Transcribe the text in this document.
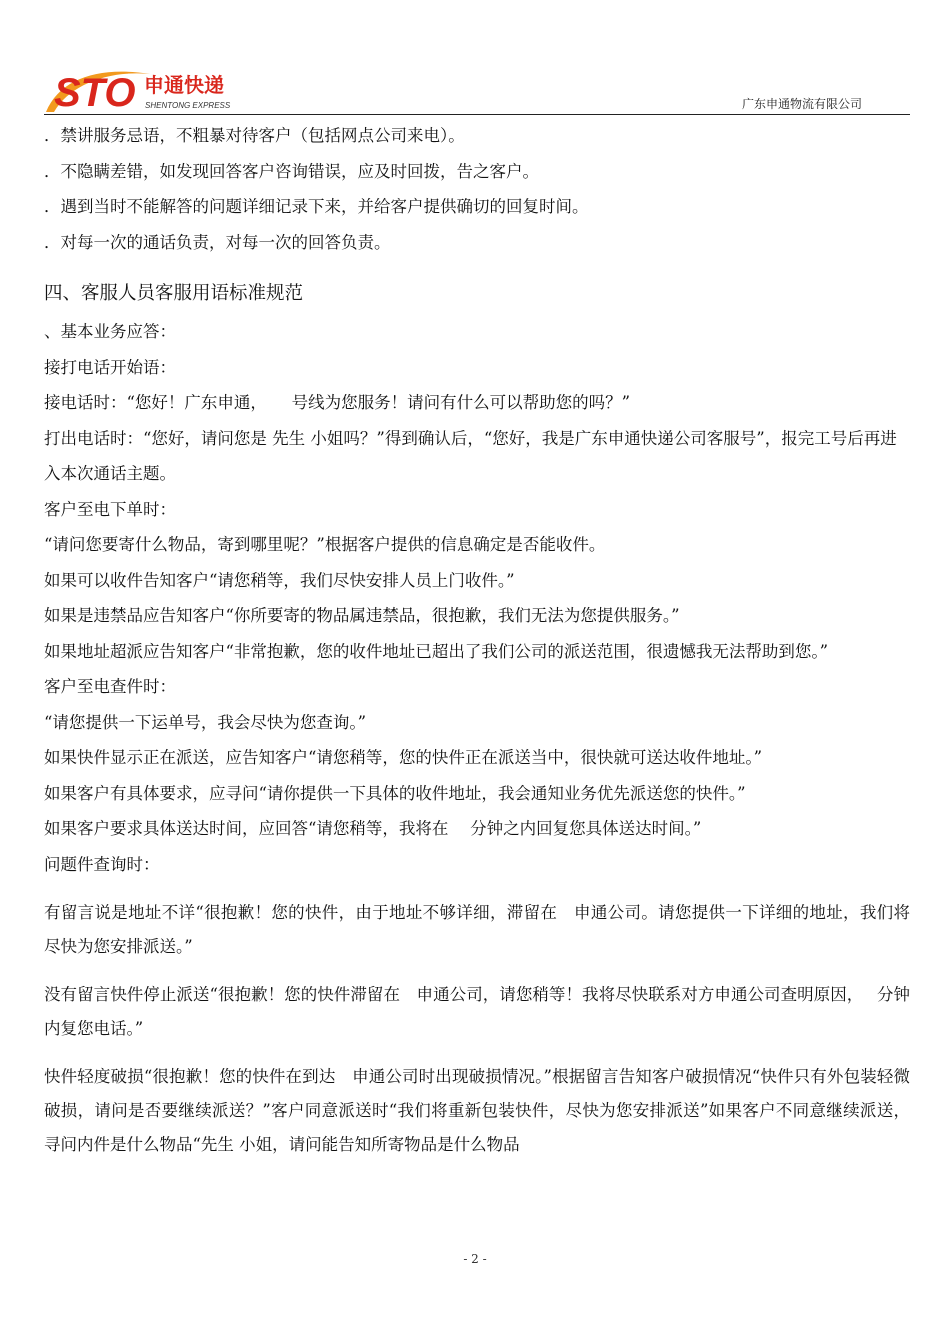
STO 申通快递
SHENTONG EXPRESS	广东申通物流有限公司
．禁讲服务忌语，不粗暴对待客户（包括网点公司来电）。
．不隐瞒差错，如发现回答客户咨询错误，应及时回拨，告之客户。
．遇到当时不能解答的问题详细记录下来，并给客户提供确切的回复时间。
．对每一次的通话负责，对每一次的回答负责。
四、客服人员客服用语标准规范
、基本业务应答：
接打电话开始语：
接电话时：“您好！广东申通，　　号线为您服务！请问有什么可以帮助您的吗？”
打出电话时：“您好，请问您是 先生 小姐吗？”得到确认后，“您好，我是广东申通快递公司客服号”，报完工号后再进入本次通话主题。
客户至电下单时：
“请问您要寄什么物品，寄到哪里呢？”根据客户提供的信息确定是否能收件。
如果可以收件告知客户“请您稍等，我们尽快安排人员上门收件。”
如果是违禁品应告知客户“你所要寄的物品属违禁品，很抱歉，我们无法为您提供服务。”
如果地址超派应告知客户“非常抱歉，您的收件地址已超出了我们公司的派送范围，很遗憾我无法帮助到您。”
客户至电查件时：
“请您提供一下运单号，我会尽快为您查询。”
如果快件显示正在派送，应告知客户“请您稍等，您的快件正在派送当中，很快就可送达收件地址。”
如果客户有具体要求，应寻问“请你提供一下具体的收件地址，我会通知业务优先派送您的快件。”
如果客户要求具体送达时间，应回答“请您稍等，我将在　 分钟之内回复您具体送达时间。”
问题件查询时：
有留言说是地址不详“很抱歉！您的快件，由于地址不够详细，滞留在　申通公司。请您提供一下详细的地址，我们将尽快为您安排派送。”
没有留言快件停止派送“很抱歉！您的快件滞留在　申通公司，请您稍等！我将尽快联系对方申通公司查明原因，　 分钟内复您电话。”
快件轻度破损“很抱歉！您的快件在到达　申通公司时出现破损情况。”根据留言告知客户破损情况“快件只有外包装轻微破损，请问是否要继续派送？”客户同意派送时“我们将重新包装快件，尽快为您安排派送”如果客户不同意继续派送，寻问内件是什么物品“先生 小姐，请问能告知所寄物品是什么物品
- 2 -
